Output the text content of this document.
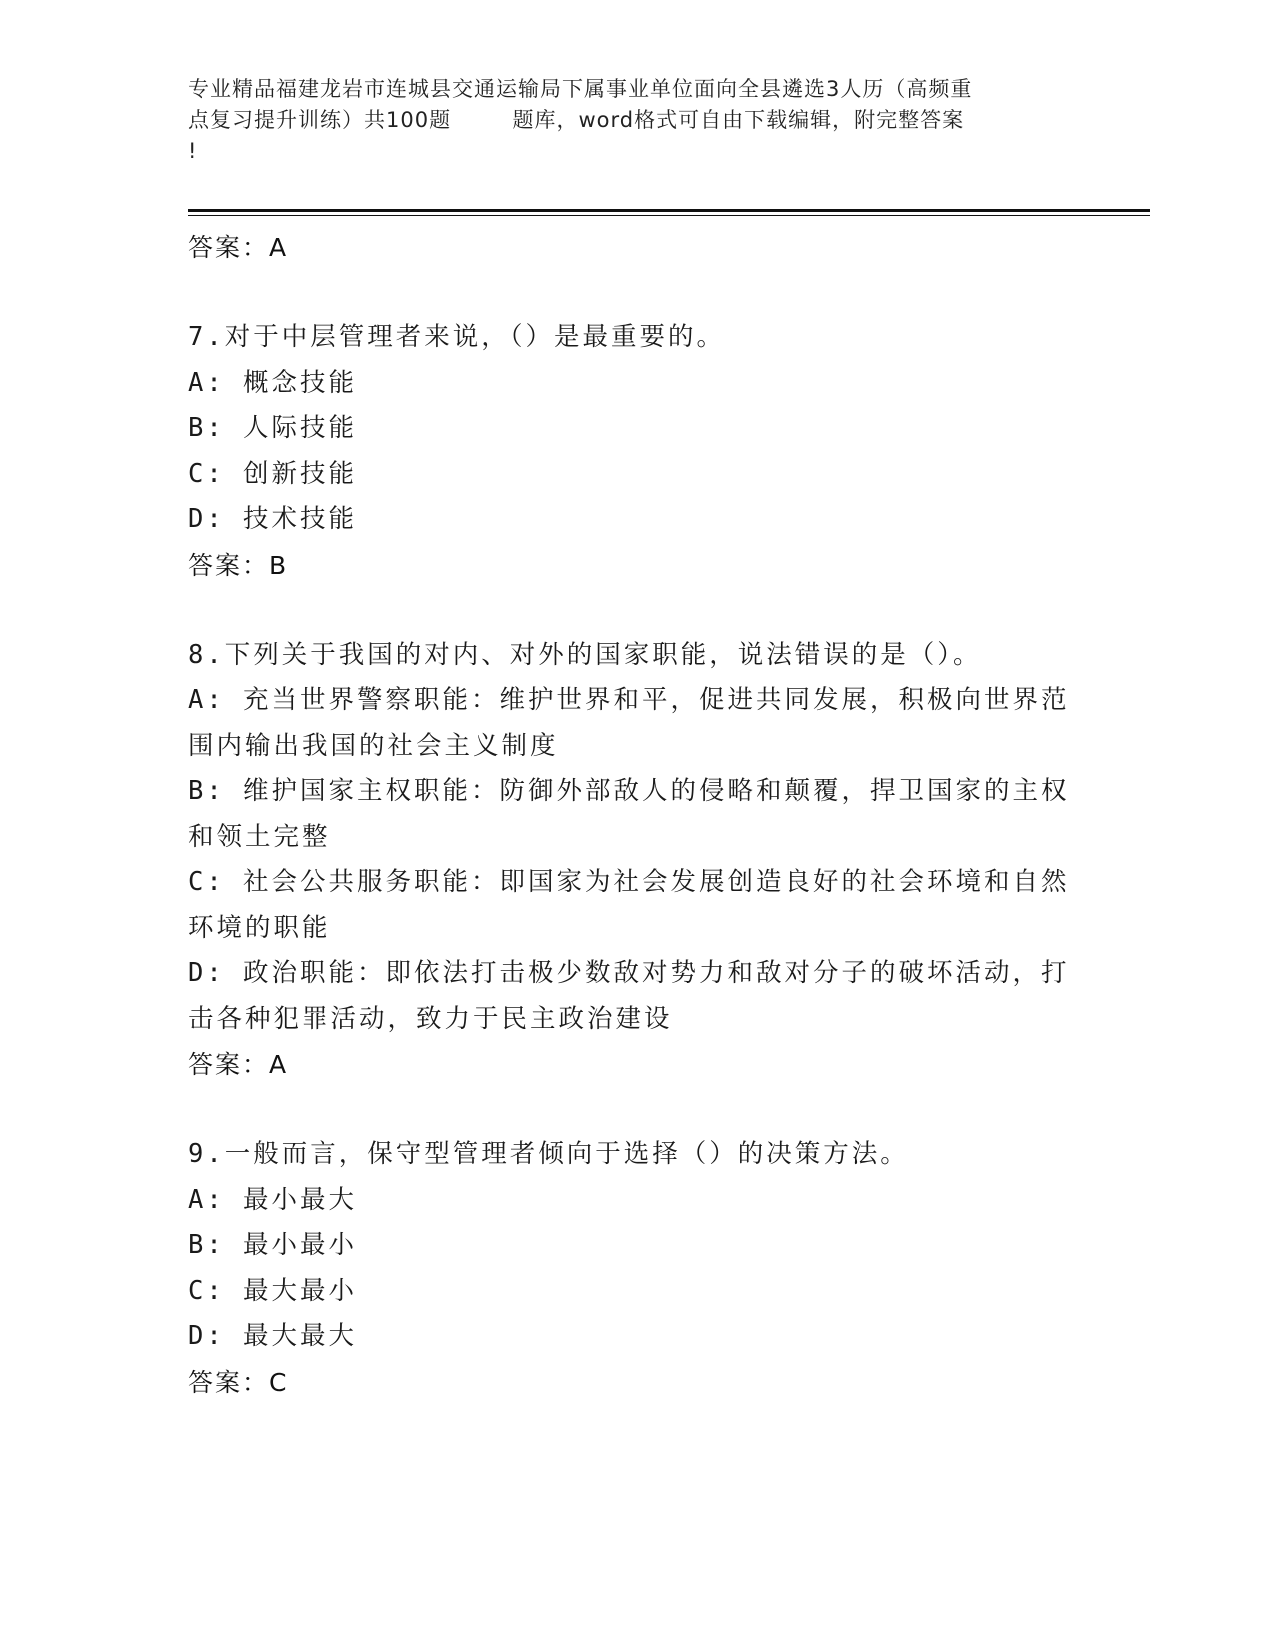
专业精品福建龙岩市连城县交通运输局下属事业单位面向全县遴选3人历（高频重
点复习提升训练）共100题        题库，word格式可自由下载编辑，附完整答案
!
答案：A
7.对于中层管理者来说，（）是最重要的。
A: 概念技能
B: 人际技能
C: 创新技能
D: 技术技能
答案：B
8.下列关于我国的对内、对外的国家职能，说法错误的是（）。
A: 充当世界警察职能：维护世界和平，促进共同发展，积极向世界范
围内输出我国的社会主义制度
B: 维护国家主权职能：防御外部敌人的侵略和颠覆，捍卫国家的主权
和领土完整
C: 社会公共服务职能：即国家为社会发展创造良好的社会环境和自然
环境的职能
D: 政治职能：即依法打击极少数敌对势力和敌对分子的破坏活动，打
击各种犯罪活动，致力于民主政治建设
答案：A
9.一般而言，保守型管理者倾向于选择（）的决策方法。
A: 最小最大
B: 最小最小
C: 最大最小
D: 最大最大
答案：C
